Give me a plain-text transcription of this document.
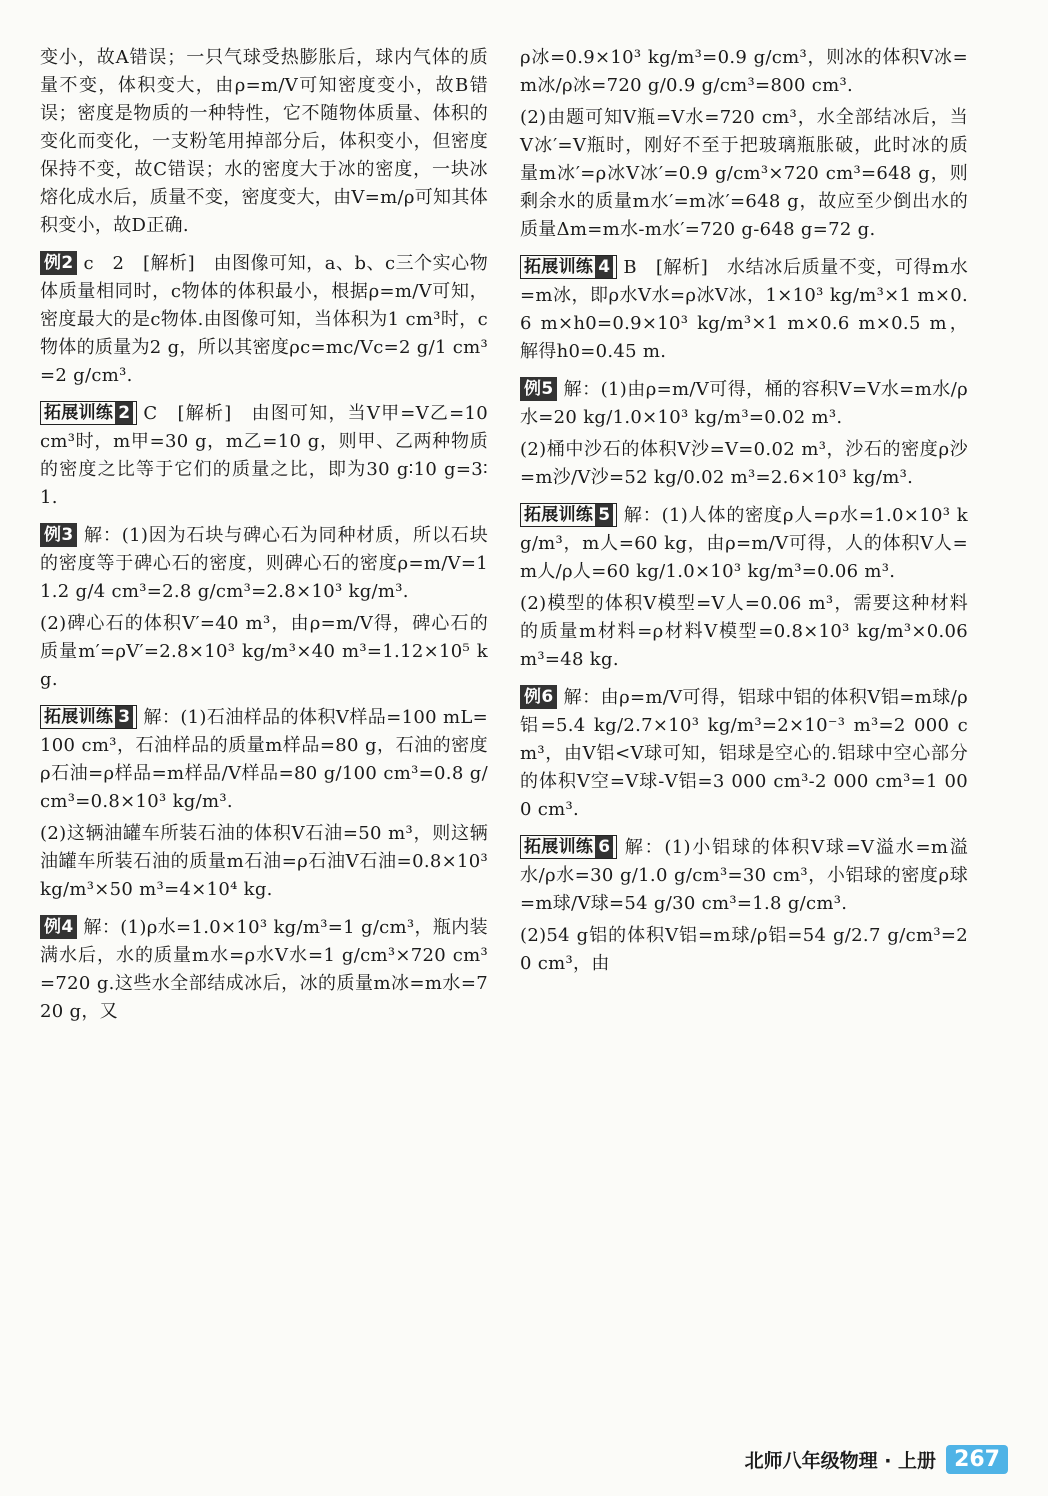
变小，故A错误；一只气球受热膨胀后，球内气体的质量不变，体积变大，由ρ=m/V可知密度变小，故B错误；密度是物质的一种特性，它不随物体质量、体积的变化而变化，一支粉笔用掉部分后，体积变小，但密度保持不变，故C错误；水的密度大于冰的密度，一块冰熔化成水后，质量不变，密度变大，由V=m/ρ可知其体积变小，故D正确.

例2 c　2　[解析]　由图像可知，a、b、c三个实心物体质量相同时，c物体的体积最小，根据ρ=m/V可知，密度最大的是c物体.由图像可知，当体积为1 cm³时，c物体的质量为2 g，所以其密度ρc=mc/Vc=2 g/1 cm³=2 g/cm³.

拓展训练 2 C　[解析]　由图可知，当V甲=V乙=10 cm³时，m甲=30 g，m乙=10 g，则甲、乙两种物质的密度之比等于它们的质量之比，即为30 g∶10 g=3∶1.

例3 解：(1)因为石块与碑心石为同种材质，所以石块的密度等于碑心石的密度，则碑心石的密度ρ=m/V=11.2 g/4 cm³=2.8 g/cm³=2.8×10³ kg/m³.

(2)碑心石的体积V′=40 m³，由ρ=m/V得，碑心石的质量m′=ρV′=2.8×10³ kg/m³×40 m³=1.12×10⁵ kg.

拓展训练 3 解：(1)石油样品的体积V样品=100 mL=100 cm³，石油样品的质量m样品=80 g，石油的密度ρ石油=ρ样品=m样品/V样品=80 g/100 cm³=0.8 g/cm³=0.8×10³ kg/m³.

(2)这辆油罐车所装石油的体积V石油=50 m³，则这辆油罐车所装石油的质量m石油=ρ石油V石油=0.8×10³ kg/m³×50 m³=4×10⁴ kg.

例4 解：(1)ρ水=1.0×10³ kg/m³=1 g/cm³，瓶内装满水后，水的质量m水=ρ水V水=1 g/cm³×720 cm³=720 g.这些水全部结成冰后，冰的质量m冰=m水=720 g，又

ρ冰=0.9×10³ kg/m³=0.9 g/cm³，则冰的体积V冰=m冰/ρ冰=720 g/0.9 g/cm³=800 cm³.

(2)由题可知V瓶=V水=720 cm³，水全部结冰后，当V冰′=V瓶时，刚好不至于把玻璃瓶胀破，此时冰的质量m冰′=ρ冰V冰′=0.9 g/cm³×720 cm³=648 g，则剩余水的质量m水′=m冰′=648 g，故应至少倒出水的质量Δm=m水-m水′=720 g-648 g=72 g.

拓展训练 4 B　[解析]　水结冰后质量不变，可得m水=m冰，即ρ水V水=ρ冰V冰，1×10³ kg/m³×1 m×0.6 m×h0=0.9×10³ kg/m³×1 m×0.6 m×0.5 m，解得h0=0.45 m.

例5 解：(1)由ρ=m/V可得，桶的容积V=V水=m水/ρ水=20 kg/1.0×10³ kg/m³=0.02 m³.

(2)桶中沙石的体积V沙=V=0.02 m³，沙石的密度ρ沙=m沙/V沙=52 kg/0.02 m³=2.6×10³ kg/m³.

拓展训练 5 解：(1)人体的密度ρ人=ρ水=1.0×10³ kg/m³，m人=60 kg，由ρ=m/V可得，人的体积V人=m人/ρ人=60 kg/1.0×10³ kg/m³=0.06 m³.

(2)模型的体积V模型=V人=0.06 m³，需要这种材料的质量m材料=ρ材料V模型=0.8×10³ kg/m³×0.06 m³=48 kg.

例6 解：由ρ=m/V可得，铝球中铝的体积V铝=m球/ρ铝=5.4 kg/2.7×10³ kg/m³=2×10⁻³ m³=2 000 cm³，由V铝<V球可知，铝球是空心的.铝球中空心部分的体积V空=V球-V铝=3 000 cm³-2 000 cm³=1 000 cm³.

拓展训练 6 解：(1)小铝球的体积V球=V溢水=m溢水/ρ水=30 g/1.0 g/cm³=30 cm³，小铝球的密度ρ球=m球/V球=54 g/30 cm³=1.8 g/cm³.

(2)54 g铝的体积V铝=m球/ρ铝=54 g/2.7 g/cm³=20 cm³，由

北师八年级物理 · 上册 267
